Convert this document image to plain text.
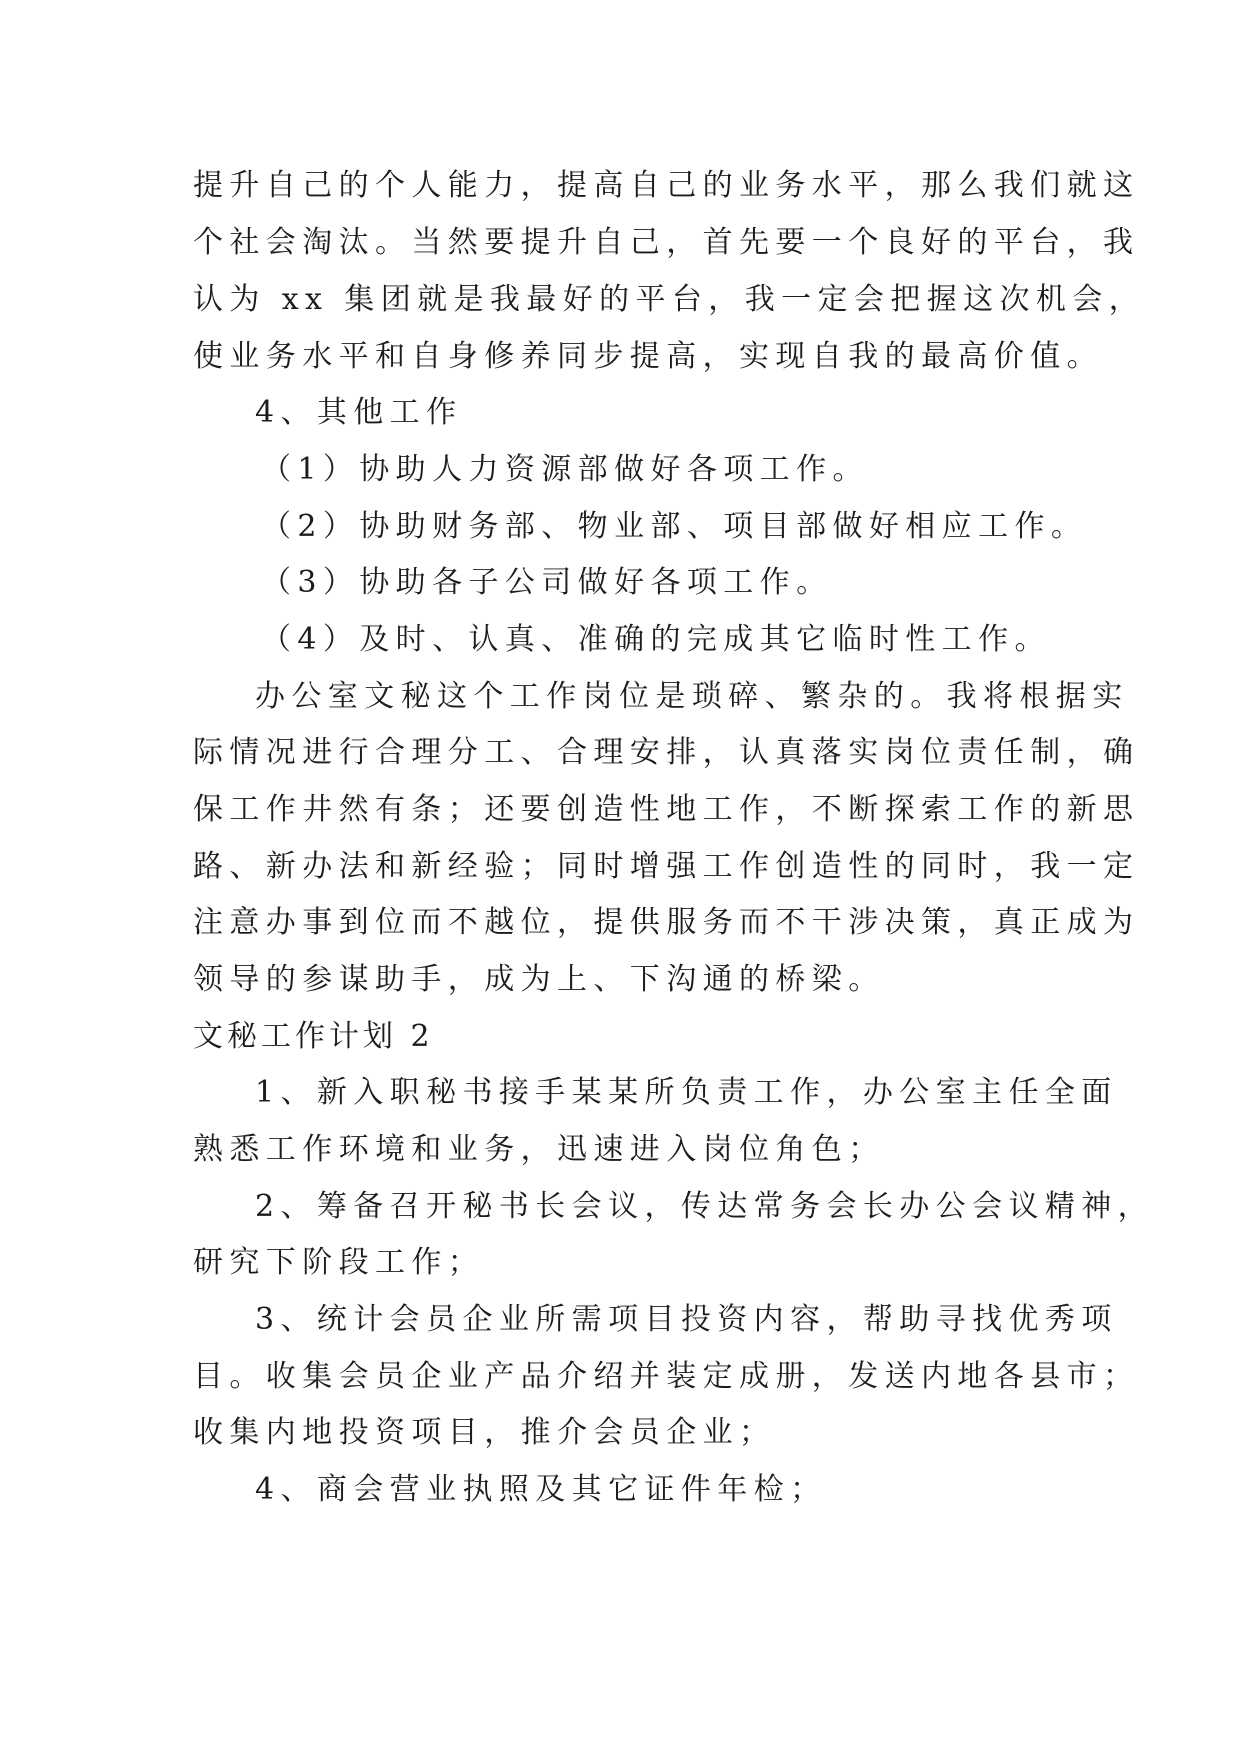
提升自己的个人能力，提高自己的业务水平，那么我们就这

个社会淘汰。当然要提升自己，首先要一个良好的平台，我

认为 xx 集团就是我最好的平台，我一定会把握这次机会，

使业务水平和自身修养同步提高，实现自我的最高价值。

4、其他工作

（1）协助人力资源部做好各项工作。

（2）协助财务部、物业部、项目部做好相应工作。

（3）协助各子公司做好各项工作。

（4）及时、认真、准确的完成其它临时性工作。

办公室文秘这个工作岗位是琐碎、繁杂的。我将根据实

际情况进行合理分工、合理安排，认真落实岗位责任制，确

保工作井然有条；还要创造性地工作，不断探索工作的新思

路、新办法和新经验；同时增强工作创造性的同时，我一定

注意办事到位而不越位，提供服务而不干涉决策，真正成为

领导的参谋助手，成为上、下沟通的桥梁。

文秘工作计划 2

1、新入职秘书接手某某所负责工作，办公室主任全面

熟悉工作环境和业务，迅速进入岗位角色；

2、筹备召开秘书长会议，传达常务会长办公会议精神，

研究下阶段工作；

3、统计会员企业所需项目投资内容，帮助寻找优秀项

目。收集会员企业产品介绍并装定成册，发送内地各县市；

收集内地投资项目，推介会员企业；

4、商会营业执照及其它证件年检；
